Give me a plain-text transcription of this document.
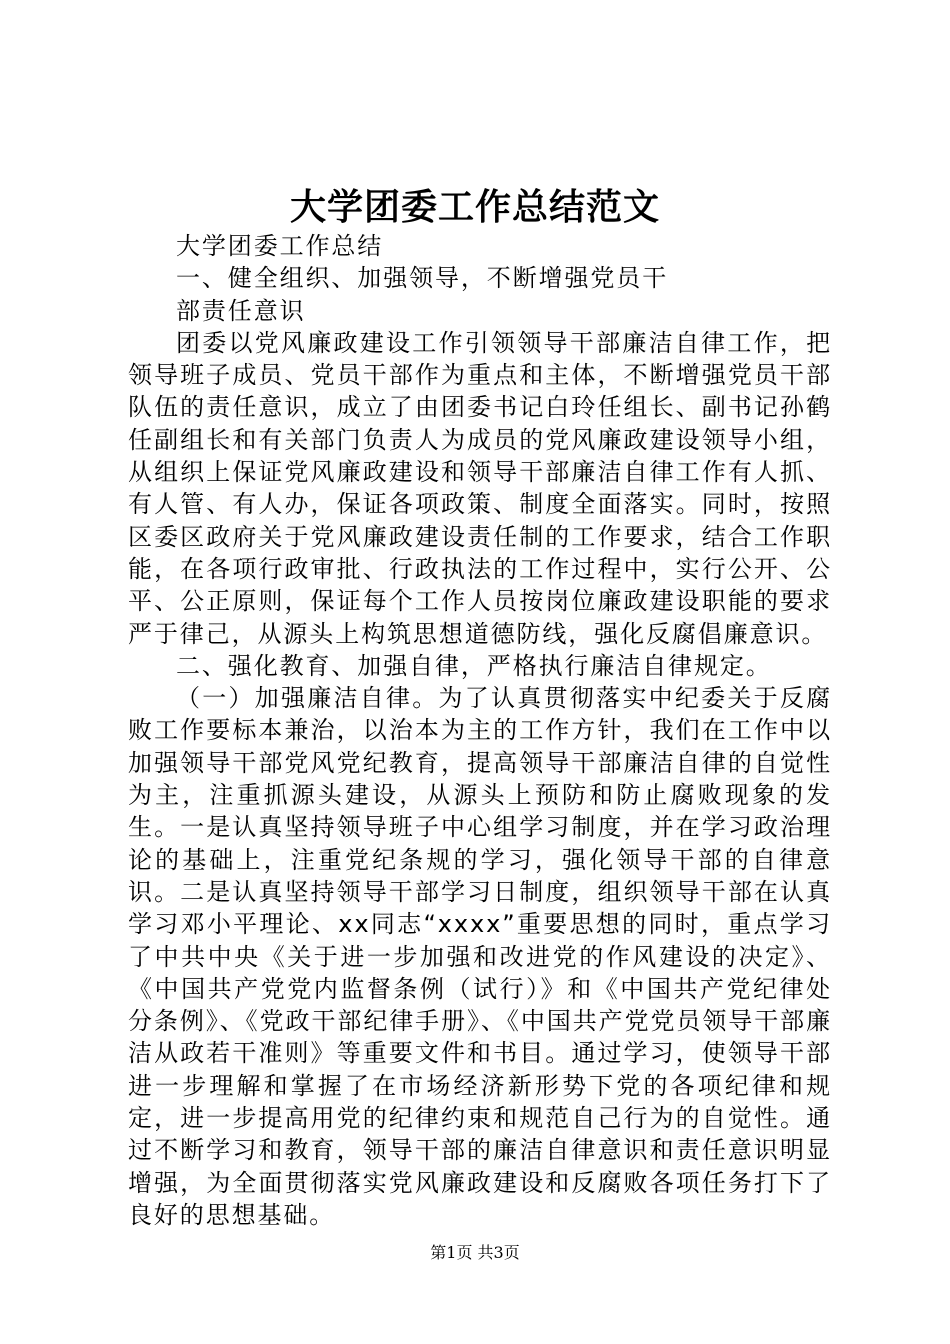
大学团委工作总结范文

大学团委工作总结

一、健全组织、加强领导，不断增强党员干

部责任意识

团委以党风廉政建设工作引领领导干部廉洁自律工作，把领导班子成员、党员干部作为重点和主体，不断增强党员干部队伍的责任意识，成立了由团委书记白玲任组长、副书记孙鹤任副组长和有关部门负责人为成员的党风廉政建设领导小组，从组织上保证党风廉政建设和领导干部廉洁自律工作有人抓、有人管、有人办，保证各项政策、制度全面落实。同时，按照区委区政府关于党风廉政建设责任制的工作要求，结合工作职能，在各项行政审批、行政执法的工作过程中，实行公开、公平、公正原则，保证每个工作人员按岗位廉政建设职能的要求严于律己，从源头上构筑思想道德防线，强化反腐倡廉意识。

二、强化教育、加强自律，严格执行廉洁自律规定。

（一）加强廉洁自律。为了认真贯彻落实中纪委关于反腐败工作要标本兼治，以治本为主的工作方针，我们在工作中以加强领导干部党风党纪教育，提高领导干部廉洁自律的自觉性为主，注重抓源头建设，从源头上预防和防止腐败现象的发生。一是认真坚持领导班子中心组学习制度，并在学习政治理论的基础上，注重党纪条规的学习，强化领导干部的自律意识。二是认真坚持领导干部学习日制度，组织领导干部在认真学习邓小平理论、xx同志“xxxx”重要思想的同时，重点学习了中共中央《关于进一步加强和改进党的作风建设的决定》、《中国共产党党内监督条例（试行）》和《中国共产党纪律处分条例》、《党政干部纪律手册》、《中国共产党党员领导干部廉洁从政若干准则》等重要文件和书目。通过学习，使领导干部进一步理解和掌握了在市场经济新形势下党的各项纪律和规定，进一步提高用党的纪律约束和规范自己行为的自觉性。通过不断学习和教育，领导干部的廉洁自律意识和责任意识明显增强，为全面贯彻落实党风廉政建设和反腐败各项任务打下了良好的思想基础。

第1页 共3页
